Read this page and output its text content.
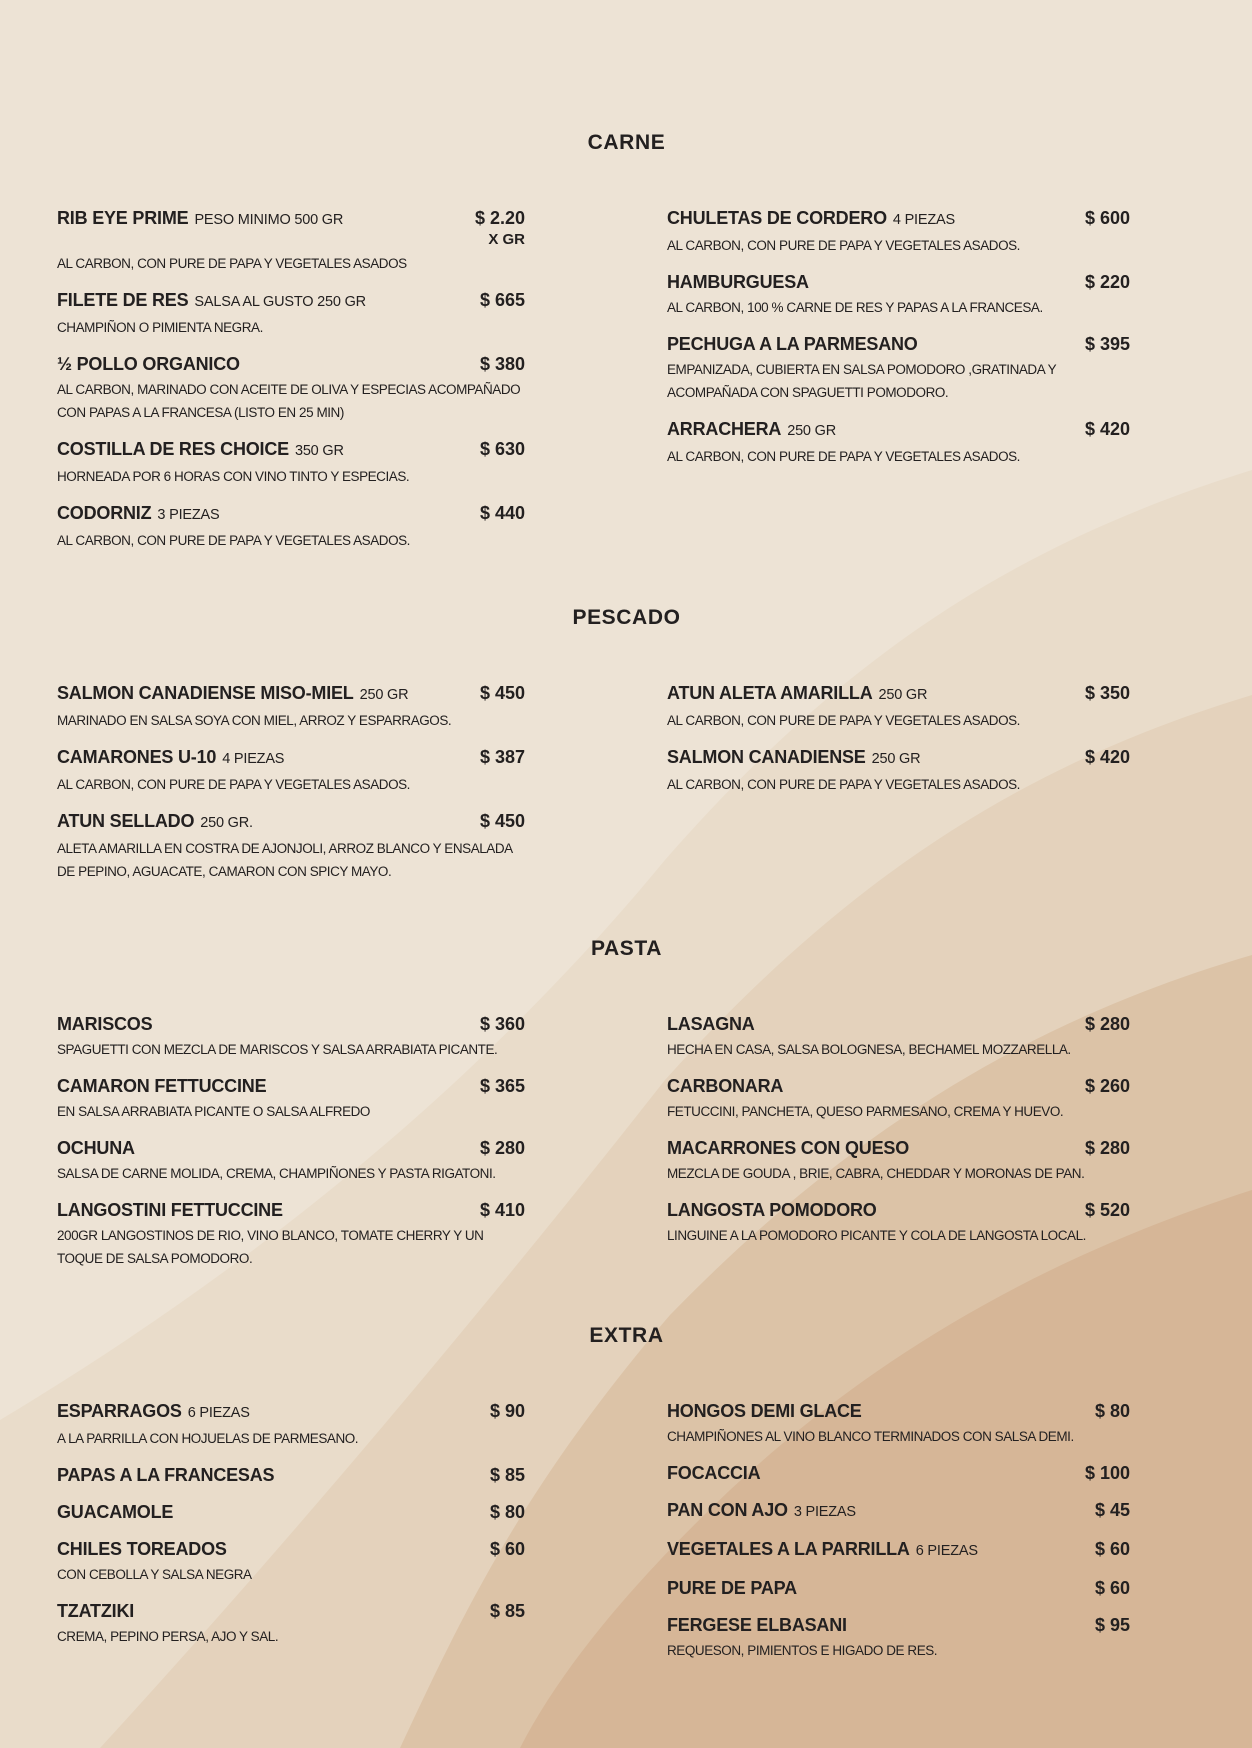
CARNE
RIB EYE PRIME PESO MINIMO 500 GR	$ 2.20
X GR

AL CARBON, CON PURE DE PAPA Y VEGETALES ASADOS

FILETE DE RES SALSA AL GUSTO 250 GR	$ 665

CHAMPIÑON O PIMIENTA NEGRA.

½ POLLO ORGANICO	$ 380

AL CARBON, MARINADO CON ACEITE DE OLIVA Y ESPECIAS ACOMPAÑADO CON PAPAS A LA FRANCESA (LISTO EN 25 MIN)

COSTILLA DE RES CHOICE 350 GR	$ 630

HORNEADA POR 6 HORAS CON VINO TINTO Y ESPECIAS.

CODORNIZ 3 PIEZAS	$ 440

AL CARBON, CON PURE DE PAPA Y VEGETALES ASADOS.

CHULETAS DE CORDERO 4 PIEZAS	$ 600

AL CARBON, CON PURE DE PAPA Y VEGETALES ASADOS.

HAMBURGUESA	$ 220

AL CARBON, 100 % CARNE DE RES Y PAPAS A LA FRANCESA.

PECHUGA A LA PARMESANO	$ 395

EMPANIZADA, CUBIERTA EN SALSA POMODORO ,GRATINADA Y ACOMPAÑADA CON SPAGUETTI POMODORO.

ARRACHERA 250 GR	$ 420

AL CARBON, CON PURE DE PAPA Y VEGETALES ASADOS.

PESCADO
SALMON CANADIENSE MISO-MIEL 250 GR	$ 450

MARINADO EN SALSA SOYA CON MIEL, ARROZ Y ESPARRAGOS.

CAMARONES U-10 4 PIEZAS	$ 387

AL CARBON, CON PURE DE PAPA Y VEGETALES ASADOS.

ATUN SELLADO 250 GR.	$ 450

ALETA AMARILLA EN COSTRA DE AJONJOLI, ARROZ BLANCO Y ENSALADA DE PEPINO, AGUACATE, CAMARON CON SPICY MAYO.

ATUN ALETA AMARILLA 250 GR	$ 350

AL CARBON, CON PURE DE PAPA Y VEGETALES ASADOS.

SALMON CANADIENSE 250 GR	$ 420

AL CARBON, CON PURE DE PAPA Y VEGETALES ASADOS.

PASTA
MARISCOS	$ 360

SPAGUETTI CON MEZCLA DE MARISCOS Y SALSA ARRABIATA PICANTE.

CAMARON FETTUCCINE	$ 365

EN SALSA ARRABIATA PICANTE O SALSA ALFREDO

OCHUNA	$ 280

SALSA DE CARNE MOLIDA, CREMA, CHAMPIÑONES Y PASTA RIGATONI.

LANGOSTINI FETTUCCINE	$ 410

200GR LANGOSTINOS DE RIO, VINO BLANCO, TOMATE CHERRY Y UN TOQUE DE SALSA POMODORO.

LASAGNA	$ 280

HECHA EN CASA, SALSA BOLOGNESA, BECHAMEL MOZZARELLA.

CARBONARA	$ 260

FETUCCINI, PANCHETA, QUESO PARMESANO, CREMA Y HUEVO.

MACARRONES CON QUESO	$ 280

MEZCLA DE GOUDA , BRIE, CABRA, CHEDDAR Y MORONAS DE PAN.

LANGOSTA POMODORO	$ 520

LINGUINE A LA POMODORO PICANTE Y COLA DE LANGOSTA LOCAL.

EXTRA
ESPARRAGOS 6 PIEZAS	$ 90

A LA PARRILLA CON HOJUELAS DE PARMESANO.

PAPAS A LA FRANCESAS	$ 85
GUACAMOLE	$ 80
CHILES TOREADOS	$ 60

CON CEBOLLA Y SALSA NEGRA

TZATZIKI	$ 85

CREMA, PEPINO PERSA, AJO Y SAL.

HONGOS DEMI GLACE	$ 80

CHAMPIÑONES AL VINO BLANCO TERMINADOS CON SALSA DEMI.

FOCACCIA	$ 100
PAN CON AJO 3 PIEZAS	$ 45
VEGETALES A LA PARRILLA 6 PIEZAS	$ 60
PURE DE PAPA	$ 60
FERGESE ELBASANI	$ 95

REQUESON, PIMIENTOS E HIGADO DE RES.
